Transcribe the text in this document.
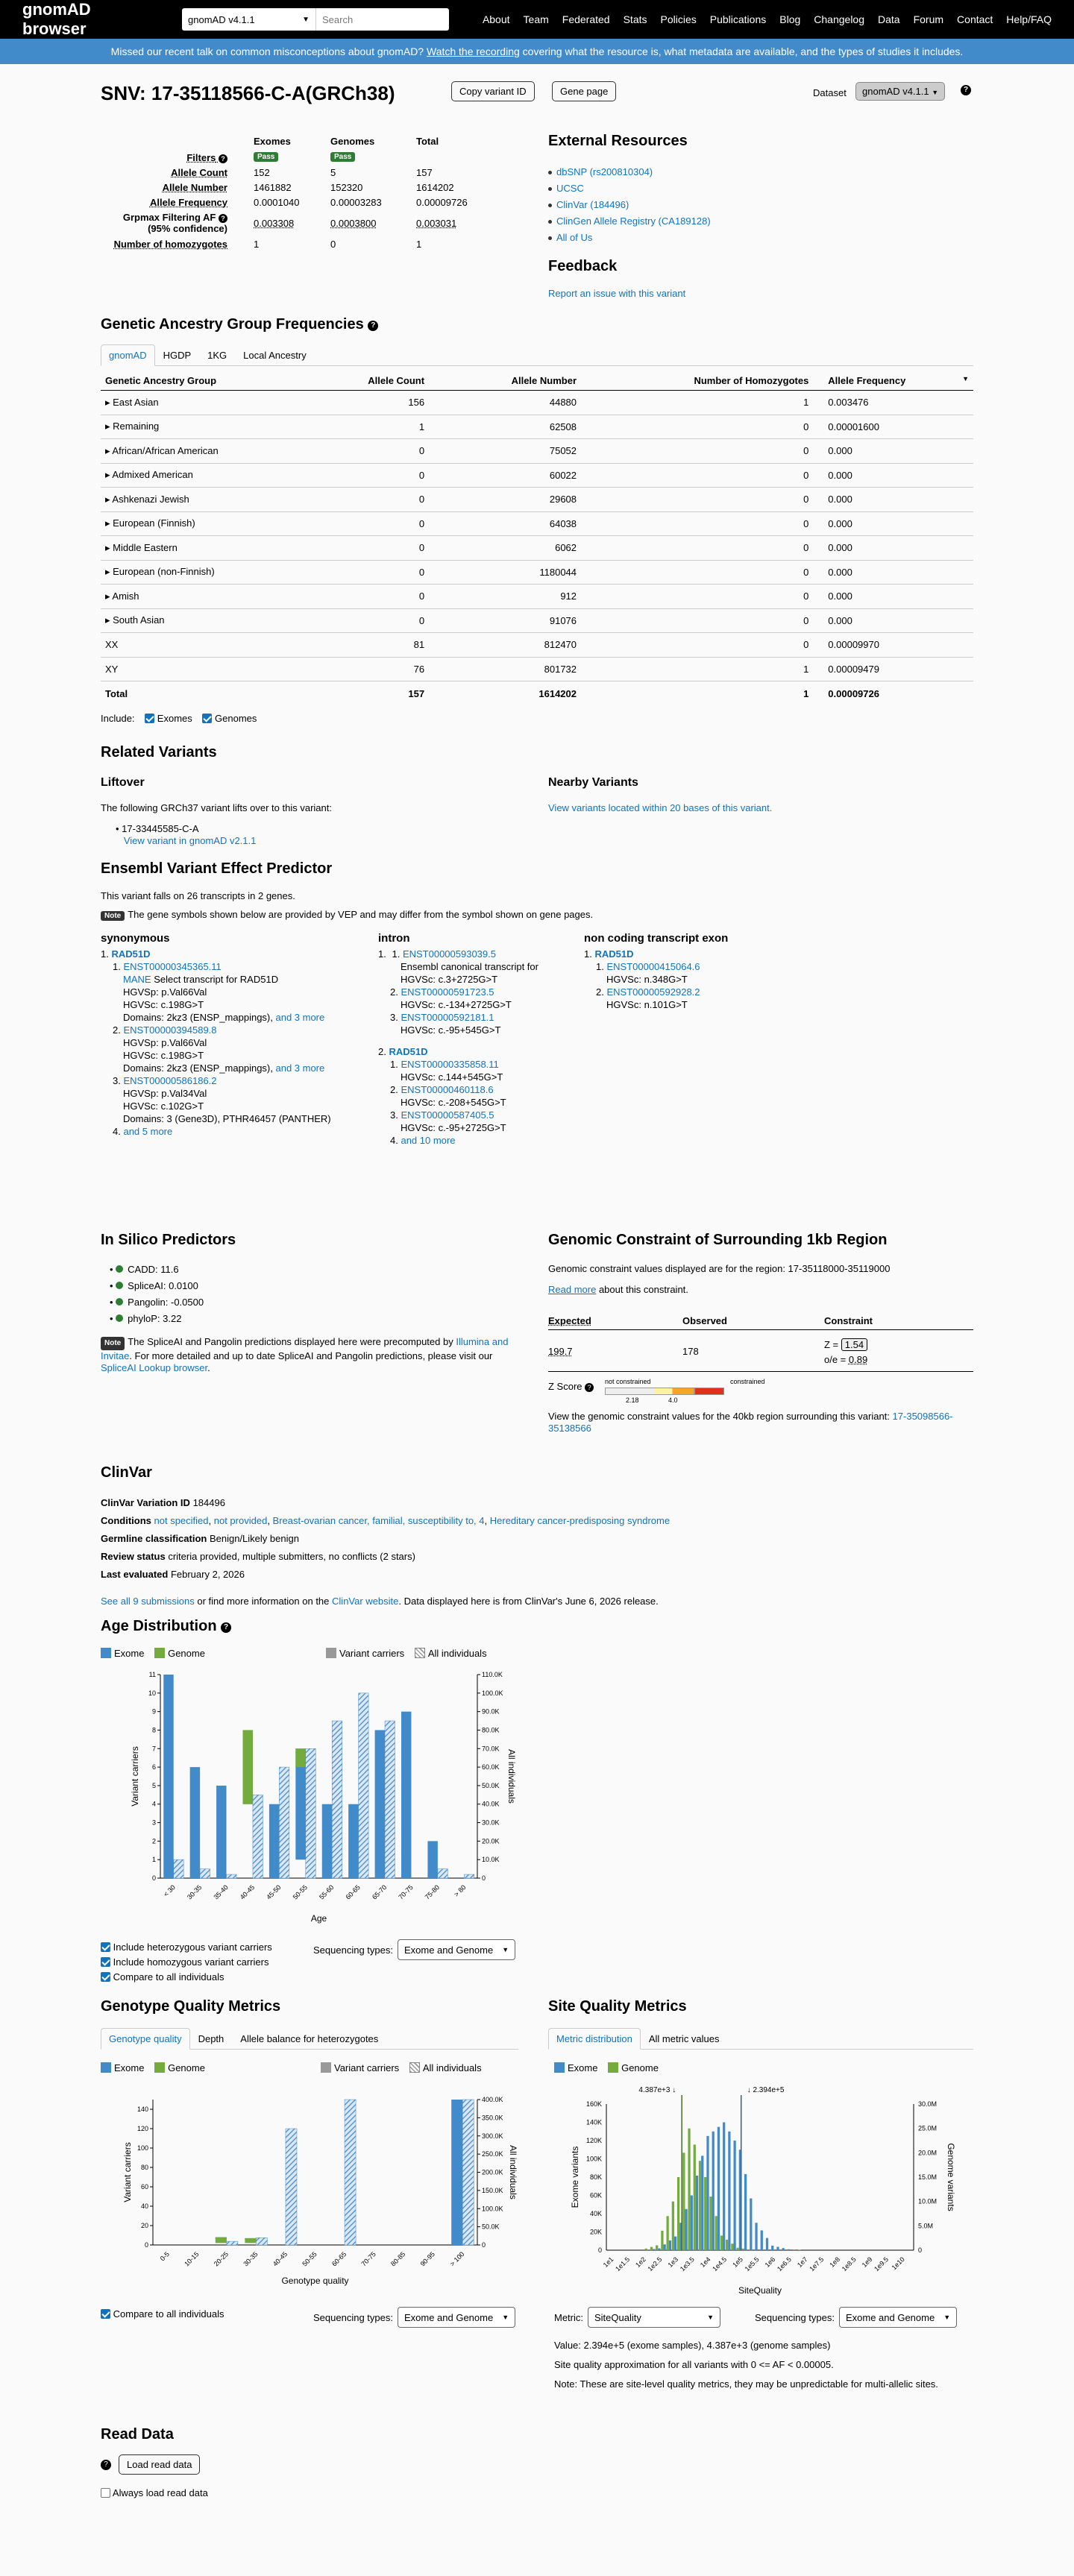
gnomAD browser	gnomAD v4.1.1	▼ Search	About Team Federated Stats Policies Publications Blog Changelog Data Forum Contact Help/FAQ
Missed our recent talk on common misconceptions about gnomAD?
Watch the recording
covering what the resource is, what metadata are available, and the types of studies it includes.
SNV: 17-35118566-C-A(GRCh38)	Copy variant ID	Gene page	Dataset	gnomAD v4.1.1 ▼	?
Exomes	Genomes	Total
Filters ?	Pass	Pass
Allele Count	152	5	157
Allele Number	1461882	152320	1614202
Allele Frequency	0.0001040	0.00003283	0.00009726
Grpmax Filtering AF ?
(95% confidence)	0.003308	0.0003800	0.003031
Number of homozygotes	1	0	1
External Resources
dbSNP (rs200810304)
UCSC
ClinVar (184496)
ClinGen Allele Registry (CA189128)
All of Us
Feedback
Report an issue with this variant
Genetic Ancestry Group Frequencies ?
gnomAD	HGDP	1KG	Local Ancestry
Genetic Ancestry Group	Allele Count	Allele Number	Number of Homozygotes	Allele Frequency ▼

▸ East Asian	156	44880	1	0.003476
▸ Remaining	1	62508	0	0.00001600
▸ African/African American	0	75052	0	0.000
▸ Admixed American	0	60022	0	0.000
▸ Ashkenazi Jewish	0	29608	0	0.000
▸ European (Finnish)	0	64038	0	0.000
▸ Middle Eastern	0	6062	0	0.000
▸ European (non-Finnish)	0	1180044	0	0.000
▸ Amish	0	912	0	0.000
▸ South Asian	0	91076	0	0.000
XX	81	812470	0	0.00009970
XY	76	801732	1	0.00009479
Total	157	1614202	1	0.00009726
Include: Exomes Genomes
Related Variants
Liftover
The following GRCh37 variant lifts over to this variant:
• 17-33445585-C-A
View variant in gnomAD v2.1.1
Nearby Variants
View variants located within 20 bases of this variant.
Ensembl Variant Effect Predictor
This variant falls on 26 transcripts in 2 genes.
Note The gene symbols shown below are provided by VEP and may differ from the symbol shown on gene pages.
synonymous
1. RAD51D
1. ENST00000345365.11
MANE Select transcript for RAD51D
HGVSp: p.Val66Val
HGVSc: c.198G>T
Domains: 2kz3 (ENSP_mappings), and 3 more
2. ENST00000394589.8
HGVSp: p.Val66Val
HGVSc: c.198G>T
Domains: 2kz3 (ENSP_mappings), and 3 more
3. ENST00000586186.2
HGVSp: p.Val34Val
HGVSc: c.102G>T
Domains: 3 (Gene3D), PTHR46457 (PANTHER)
4. and 5 more
intron
1. 1. ENST00000593039.5
Ensembl canonical transcript for
HGVSc: c.3+2725G>T
2. ENST00000591723.5
HGVSc: c.-134+2725G>T
3. ENST00000592181.1
HGVSc: c.-95+545G>T
2. RAD51D
1. ENST00000335858.11
HGVSc: c.144+545G>T
2. ENST00000460118.6
HGVSc: c.-208+545G>T
3. ENST00000587405.5
HGVSc: c.-95+2725G>T
4. and 10 more
non coding transcript exon
1. RAD51D
1. ENST00000415064.6
HGVSc: n.348G>T
2. ENST00000592928.2
HGVSc: n.101G>T
In Silico Predictors
• CADD: 11.6
• SpliceAI: 0.0100
• Pangolin: -0.0500
• phyloP: 3.22
Note The SpliceAI and Pangolin predictions displayed here were precomputed by Illumina and Invitae. For more detailed and up to date SpliceAI and Pangolin predictions, please visit our SpliceAI Lookup browser.
Genomic Constraint of Surrounding 1kb Region
Genomic constraint values displayed are for the region: 17-35118000-35119000
Read more about this constraint.
Expected	Observed	Constraint
199.7	178
Z = 1.54
o/e = 0.89
Z Score ?
not constrained	constrained
2.18	4.0
View the genomic constraint values for the 40kb region surrounding this variant: 17-35098566-35138566
ClinVar
ClinVar Variation ID 184496
Conditions not specified, not provided, Breast-ovarian cancer, familial, susceptibility to, 4, Hereditary cancer-predisposing syndrome
Germline classification Benign/Likely benign
Review status criteria provided, multiple submitters, no conflicts (2 stars)
Last evaluated February 2, 2026
See all 9 submissions or find more information on the ClinVar website. Data displayed here is from ClinVar's June 6, 2026 release.
Age Distribution ?
Exome Genome	Variant carriers All individuals
0
1
2
3
4
5
6
7
8
9
10
11
0
10.0K
20.0K
30.0K
40.0K
50.0K
60.0K
70.0K
80.0K
90.0K
100.0K
110.0K
< 30 30-35 35-40 40-45 45-50 50-55 55-60 60-65 65-70 70-75 75-80 > 80
Age
Variant carriers	All individuals
Include heterozygous variant carriers
Include homozygous variant carriers
Compare to all individuals
Sequencing types: Exome and Genome ▼
Genotype Quality Metrics
Genotype quality	Depth	Allele balance for heterozygotes
Exome Genome	Variant carriers All individuals
0
20
40
60
80
100
120
140
0
50.0K
100.0K
150.0K
200.0K
250.0K
300.0K
350.0K
400.0K
0-5 10-15 20-25 30-35 40-45 50-55 60-65 70-75 80-85 90-95 > 100
Genotype quality
Variant carriers	All individuals
Compare to all individuals	Sequencing types: Exome and Genome ▼
Site Quality Metrics
Metric distribution	All metric values
Exome Genome
0
20K
40K
60K
80K
100K
120K
140K
160K
0
5.0M
10.0M
15.0M
20.0M
25.0M
30.0M
1e1
1e1.5 1e2
1e2.5 1e3
1e3.5 1e4
1e4.5 1e5
1e5.5 1e6
1e6.5 1e7
1e7.5 1e8
1e8.5 1e9
1e9.5 1e10
4.387e+3 ↓	↓ 2.394e+5
SiteQuality
Exome variants	Genome variants
Metric: SiteQuality	▼	Sequencing types: Exome and Genome ▼
Value: 2.394e+5 (exome samples), 4.387e+3 (genome samples)
Site quality approximation for all variants with 0 <= AF < 0.00005.
Note: These are site-level quality metrics, they may be unpredictable for multi-allelic sites.
Read Data
?	Load read data
Always load read data
